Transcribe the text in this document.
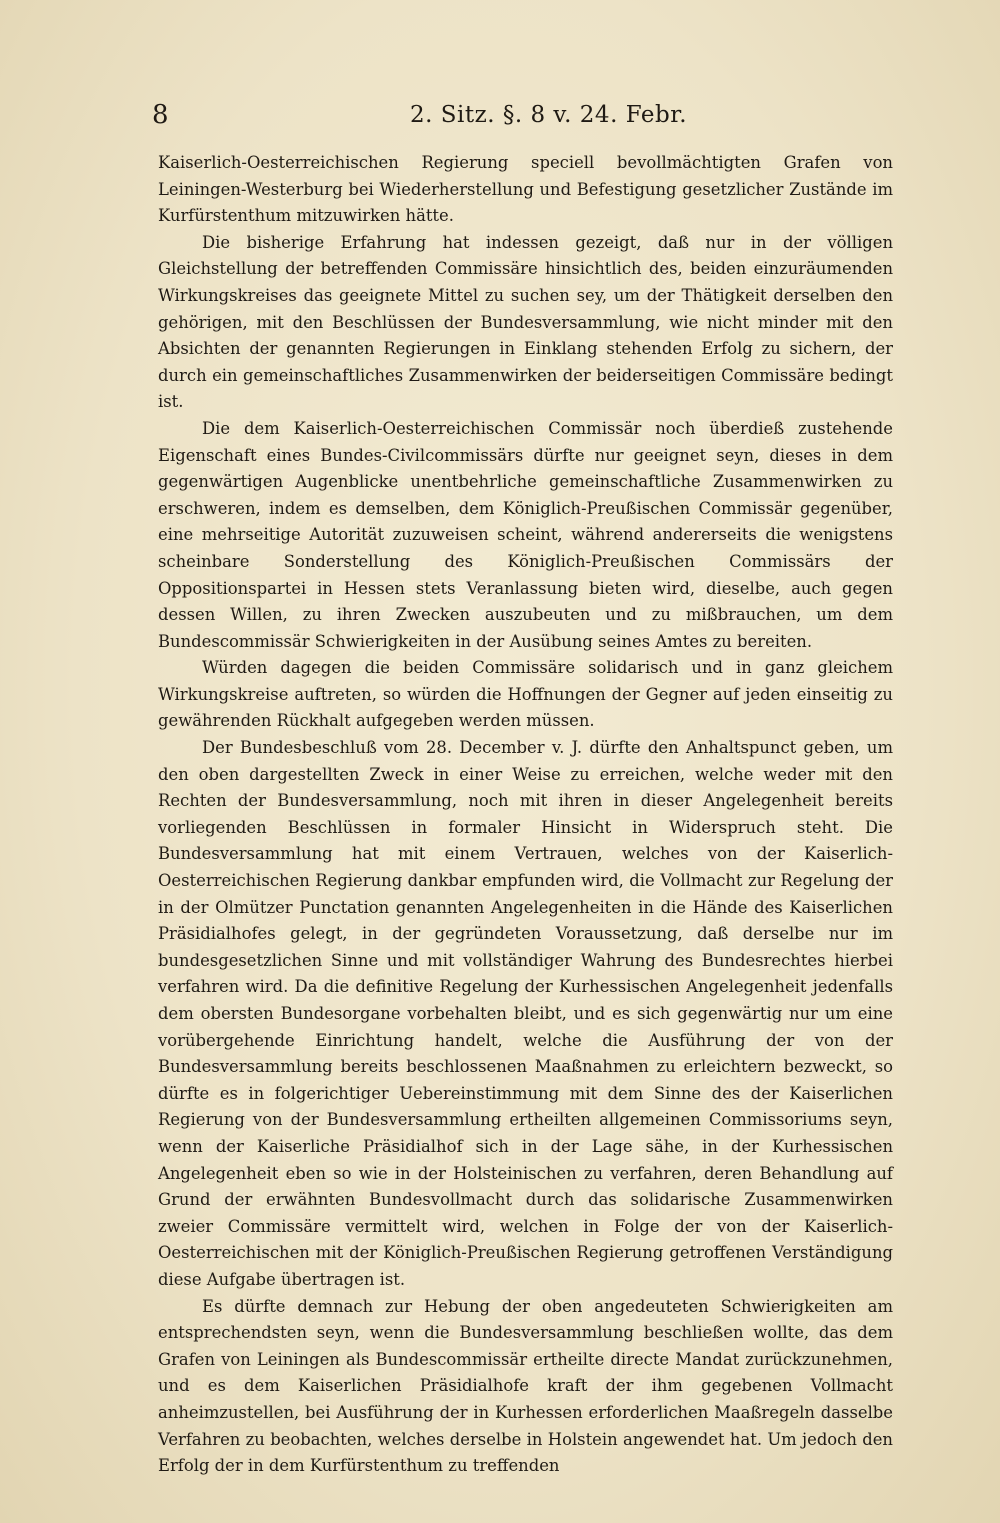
8	2. Sitz. §. 8 v. 24. Febr.

Kaiserlich-Oesterreichischen Regierung speciell bevollmächtigten Grafen von Leiningen-Westerburg bei Wiederherstellung und Befestigung gesetzlicher Zustände im Kurfürstenthum mitzuwirken hätte.

Die bisherige Erfahrung hat indessen gezeigt, daß nur in der völligen Gleichstellung der betreffenden Commissäre hinsichtlich des, beiden einzuräumenden Wirkungskreises das geeignete Mittel zu suchen sey, um der Thätigkeit derselben den gehörigen, mit den Beschlüssen der Bundesversammlung, wie nicht minder mit den Absichten der genannten Regierungen in Einklang stehenden Erfolg zu sichern, der durch ein gemeinschaftliches Zusammenwirken der beiderseitigen Commissäre bedingt ist.

Die dem Kaiserlich-Oesterreichischen Commissär noch überdieß zustehende Eigenschaft eines Bundes-Civilcommissärs dürfte nur geeignet seyn, dieses in dem gegenwärtigen Augenblicke unentbehrliche gemeinschaftliche Zusammenwirken zu erschweren, indem es demselben, dem Königlich-Preußischen Commissär gegenüber, eine mehrseitige Autorität zuzuweisen scheint, während andererseits die wenigstens scheinbare Sonderstellung des Königlich-Preußischen Commissärs der Oppositionspartei in Hessen stets Veranlassung bieten wird, dieselbe, auch gegen dessen Willen, zu ihren Zwecken auszubeuten und zu mißbrauchen, um dem Bundescommissär Schwierigkeiten in der Ausübung seines Amtes zu bereiten.

Würden dagegen die beiden Commissäre solidarisch und in ganz gleichem Wirkungskreise auftreten, so würden die Hoffnungen der Gegner auf jeden einseitig zu gewährenden Rückhalt aufgegeben werden müssen.

Der Bundesbeschluß vom 28. December v. J. dürfte den Anhaltspunct geben, um den oben dargestellten Zweck in einer Weise zu erreichen, welche weder mit den Rechten der Bundesversammlung, noch mit ihren in dieser Angelegenheit bereits vorliegenden Beschlüssen in formaler Hinsicht in Widerspruch steht. Die Bundesversammlung hat mit einem Vertrauen, welches von der Kaiserlich-Oesterreichischen Regierung dankbar empfunden wird, die Vollmacht zur Regelung der in der Olmützer Punctation genannten Angelegenheiten in die Hände des Kaiserlichen Präsidialhofes gelegt, in der gegründeten Voraussetzung, daß derselbe nur im bundesgesetzlichen Sinne und mit vollständiger Wahrung des Bundesrechtes hierbei verfahren wird. Da die definitive Regelung der Kurhessischen Angelegenheit jedenfalls dem obersten Bundesorgane vorbehalten bleibt, und es sich gegenwärtig nur um eine vorübergehende Einrichtung handelt, welche die Ausführung der von der Bundesversammlung bereits beschlossenen Maaßnahmen zu erleichtern bezweckt, so dürfte es in folgerichtiger Uebereinstimmung mit dem Sinne des der Kaiserlichen Regierung von der Bundesversammlung ertheilten allgemeinen Commissoriums seyn, wenn der Kaiserliche Präsidialhof sich in der Lage sähe, in der Kurhessischen Angelegenheit eben so wie in der Holsteinischen zu verfahren, deren Behandlung auf Grund der erwähnten Bundesvollmacht durch das solidarische Zusammenwirken zweier Commissäre vermittelt wird, welchen in Folge der von der Kaiserlich-Oesterreichischen mit der Königlich-Preußischen Regierung getroffenen Verständigung diese Aufgabe übertragen ist.

Es dürfte demnach zur Hebung der oben angedeuteten Schwierigkeiten am entsprechendsten seyn, wenn die Bundesversammlung beschließen wollte, das dem Grafen von Leiningen als Bundescommissär ertheilte directe Mandat zurückzunehmen, und es dem Kaiserlichen Präsidialhofe kraft der ihm gegebenen Vollmacht anheimzustellen, bei Ausführung der in Kurhessen erforderlichen Maaßregeln dasselbe Verfahren zu beobachten, welches derselbe in Holstein angewendet hat. Um jedoch den Erfolg der in dem Kurfürstenthum zu treffenden
